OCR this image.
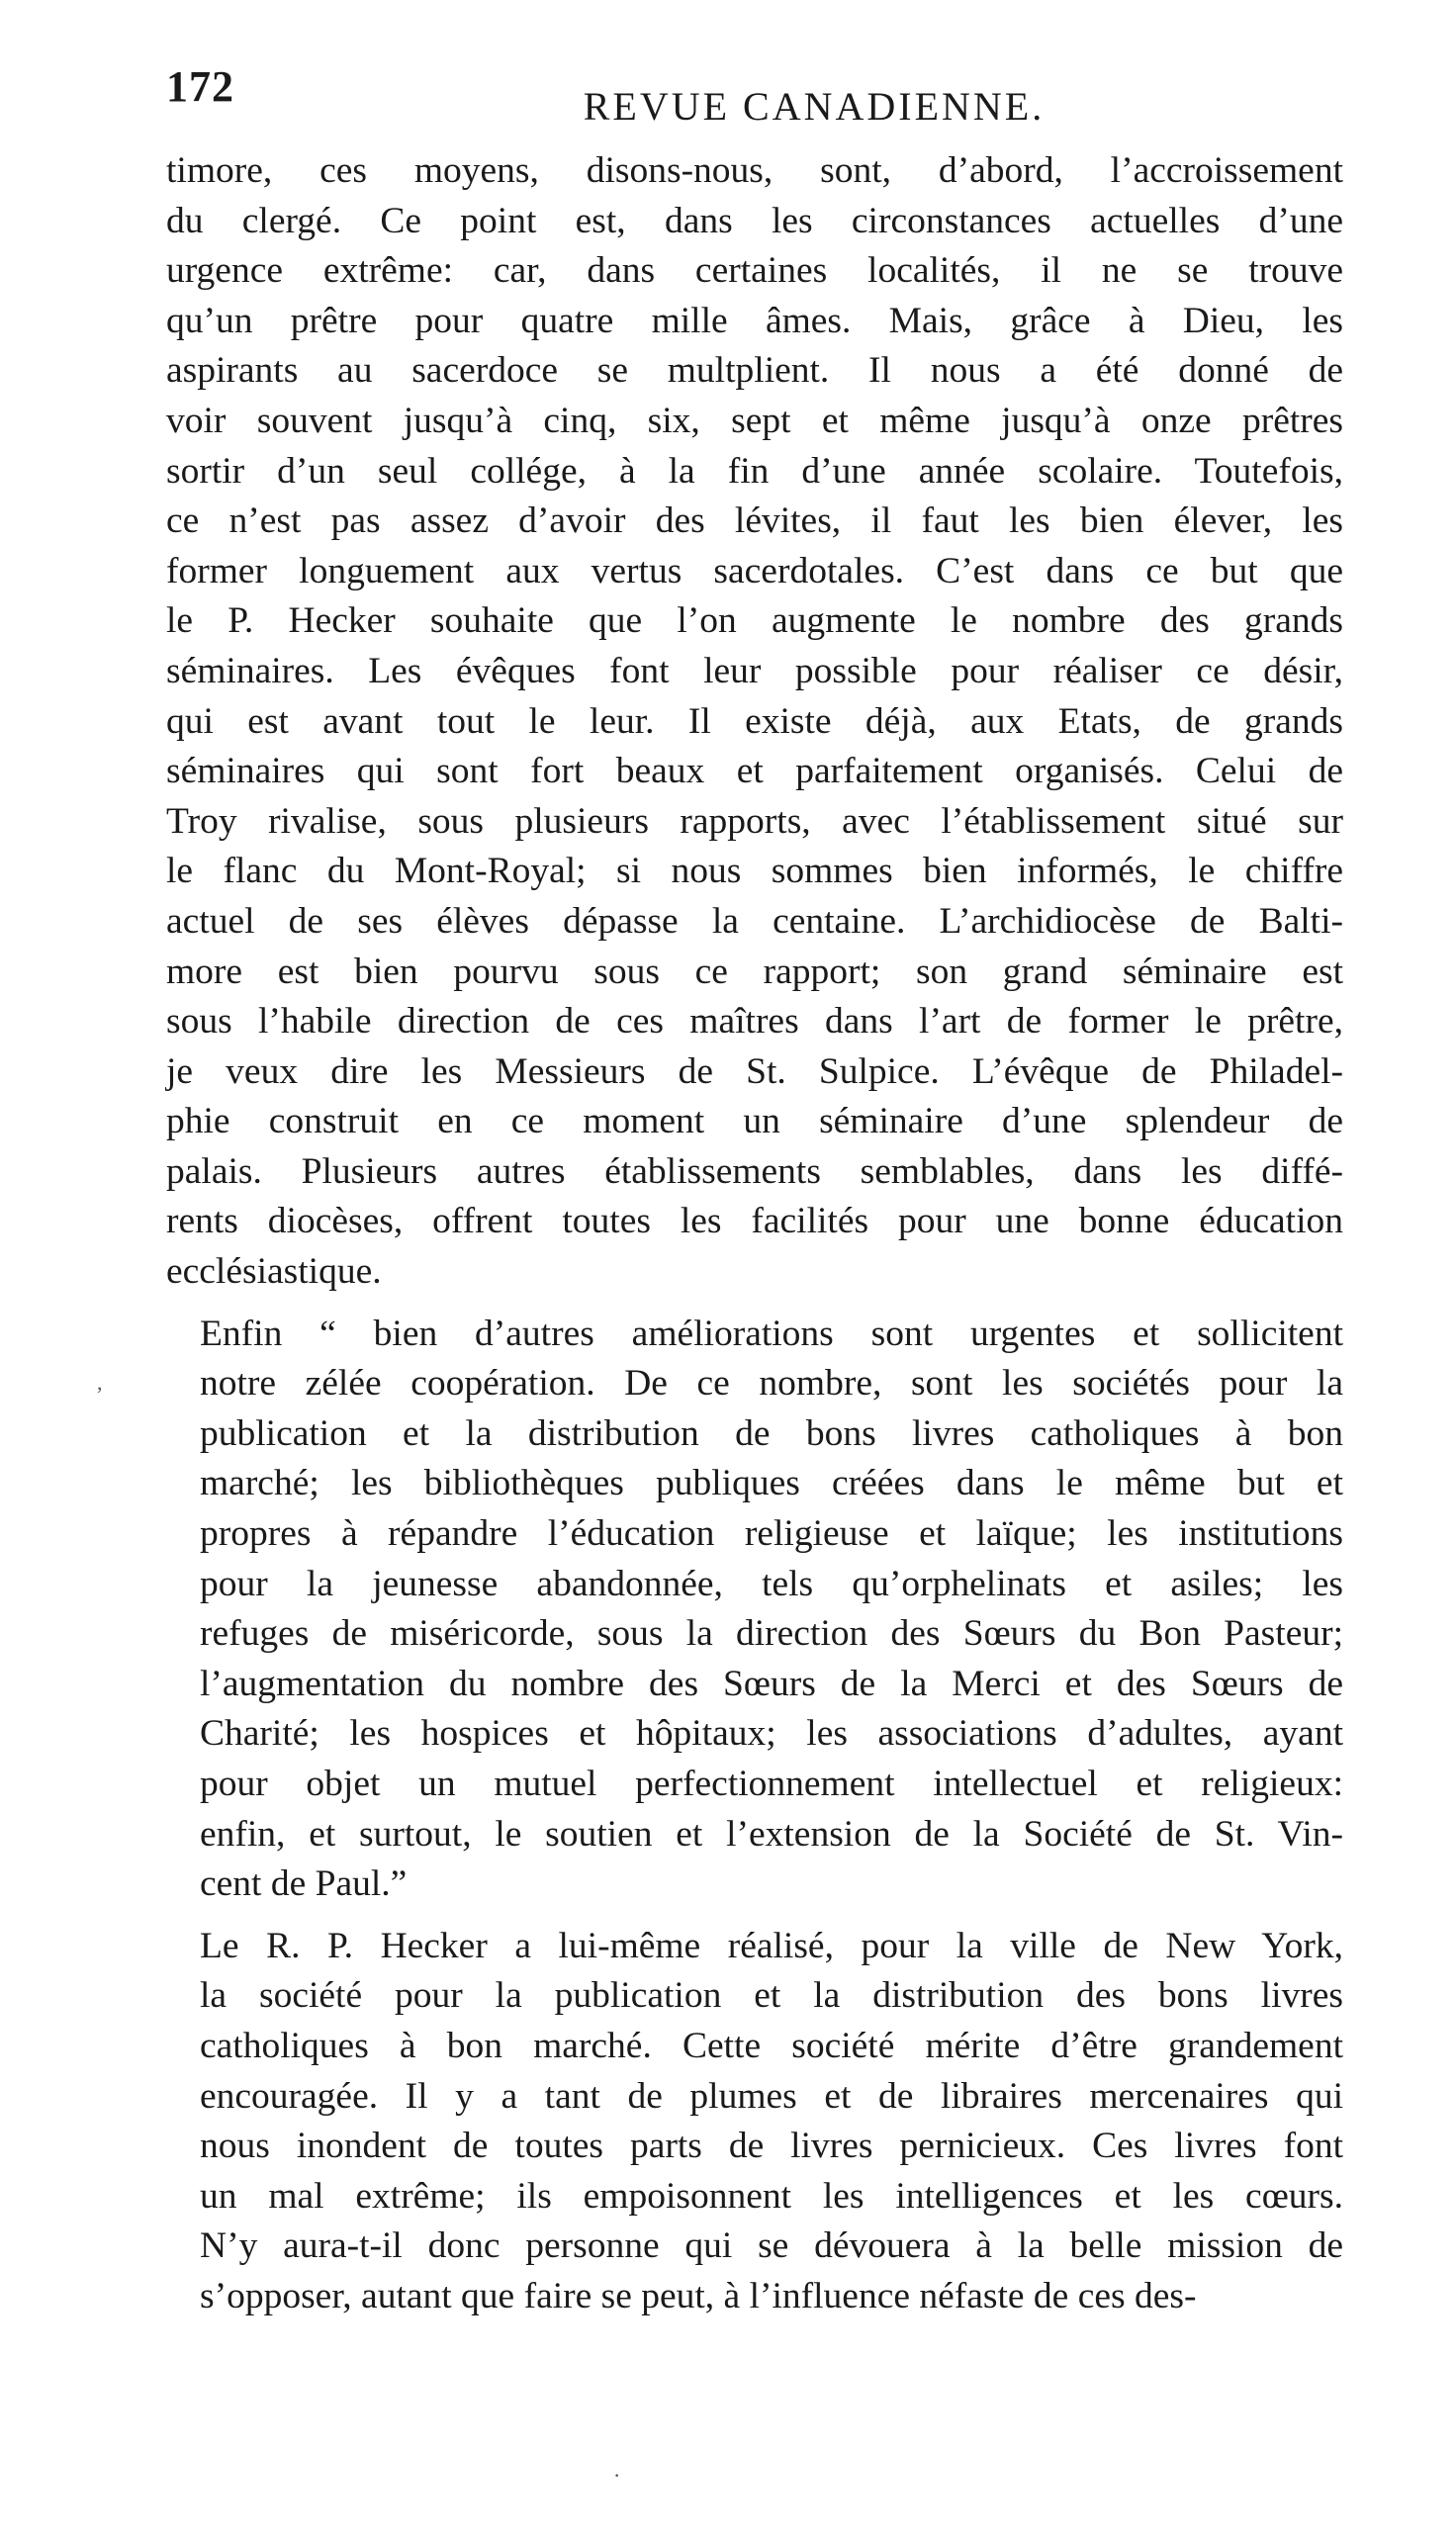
172	REVUE CANADIENNE.
timore, ces moyens, disons-nous, sont, d’abord, l’accroissement
du clergé. Ce point est, dans les circonstances actuelles d’une
urgence extrême: car, dans certaines localités, il ne se trouve
qu’un prêtre pour quatre mille âmes. Mais, grâce à Dieu, les
aspirants au sacerdoce se multplient. Il nous a été donné de
voir souvent jusqu’à cinq, six, sept et même jusqu’à onze prêtres
sortir d’un seul collége, à la fin d’une année scolaire. Toutefois,
ce n’est pas assez d’avoir des lévites, il faut les bien élever, les
former longuement aux vertus sacerdotales. C’est dans ce but que
le P. Hecker souhaite que l’on augmente le nombre des grands
séminaires. Les évêques font leur possible pour réaliser ce désir,
qui est avant tout le leur. Il existe déjà, aux Etats, de grands
séminaires qui sont fort beaux et parfaitement organisés. Celui de
Troy rivalise, sous plusieurs rapports, avec l’établissement situé sur
le flanc du Mont-Royal; si nous sommes bien informés, le chiffre
actuel de ses élèves dépasse la centaine. L’archidiocèse de Balti-
more est bien pourvu sous ce rapport; son grand séminaire est
sous l’habile direction de ces maîtres dans l’art de former le prêtre,
je veux dire les Messieurs de St. Sulpice. L’évêque de Philadel-
phie construit en ce moment un séminaire d’une splendeur de
palais. Plusieurs autres établissements semblables, dans les diffé-
rents diocèses, offrent toutes les facilités pour une bonne éducation
ecclésiastique.
Enfin “ bien d’autres améliorations sont urgentes et sollicitent
notre zélée coopération. De ce nombre, sont les sociétés pour la
publication et la distribution de bons livres catholiques à bon
marché; les bibliothèques publiques créées dans le même but et
propres à répandre l’éducation religieuse et laïque; les institutions
pour la jeunesse abandonnée, tels qu’orphelinats et asiles; les
refuges de miséricorde, sous la direction des Sœurs du Bon Pasteur;
l’augmentation du nombre des Sœurs de la Merci et des Sœurs de
Charité; les hospices et hôpitaux; les associations d’adultes, ayant
pour objet un mutuel perfectionnement intellectuel et religieux:
enfin, et surtout, le soutien et l’extension de la Société de St. Vin-
cent de Paul.”
Le R. P. Hecker a lui-même réalisé, pour la ville de New York,
la société pour la publication et la distribution des bons livres
catholiques à bon marché. Cette société mérite d’être grandement
encouragée. Il y a tant de plumes et de libraires mercenaires qui
nous inondent de toutes parts de livres pernicieux. Ces livres font
un mal extrême; ils empoisonnent les intelligences et les cœurs.
N’y aura-t-il donc personne qui se dévouera à la belle mission de
s’opposer, autant que faire se peut, à l’influence néfaste de ces des-
,
·
